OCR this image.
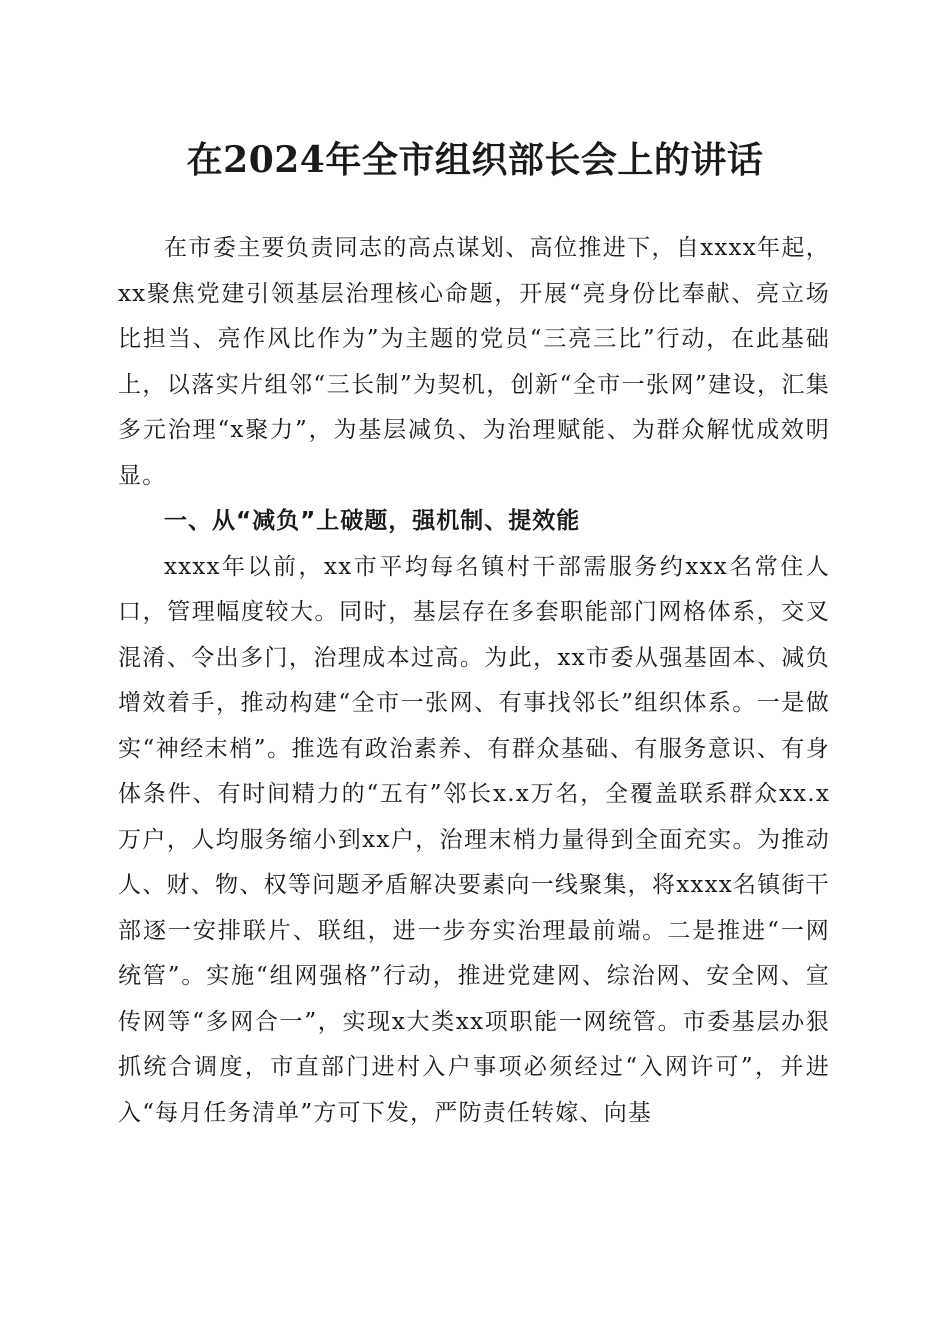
在2024年全市组织部长会上的讲话

在市委主要负责同志的高点谋划、高位推进下，自xxxx年起，xx聚焦党建引领基层治理核心命题，开展“亮身份比奉献、亮立场比担当、亮作风比作为”为主题的党员“三亮三比”行动，在此基础上，以落实片组邻“三长制”为契机，创新“全市一张网”建设，汇集多元治理“x聚力”，为基层减负、为治理赋能、为群众解忧成效明显。

一、从“减负”上破题，强机制、提效能

xxxx年以前，xx市平均每名镇村干部需服务约xxx名常住人口，管理幅度较大。同时，基层存在多套职能部门网格体系，交叉混淆、令出多门，治理成本过高。为此，xx市委从强基固本、减负增效着手，推动构建“全市一张网、有事找邻长”组织体系。一是做实“神经末梢”。推选有政治素养、有群众基础、有服务意识、有身体条件、有时间精力的“五有”邻长x.x万名，全覆盖联系群众xx.x万户，人均服务缩小到xx户，治理末梢力量得到全面充实。为推动人、财、物、权等问题矛盾解决要素向一线聚集，将xxxx名镇街干部逐一安排联片、联组，进一步夯实治理最前端。二是推进“一网统管”。实施“组网强格”行动，推进党建网、综治网、安全网、宣传网等“多网合一”，实现x大类xx项职能一网统管。市委基层办狠抓统合调度，市直部门进村入户事项必须经过“入网许可”，并进入“每月任务清单”方可下发，严防责任转嫁、向基
